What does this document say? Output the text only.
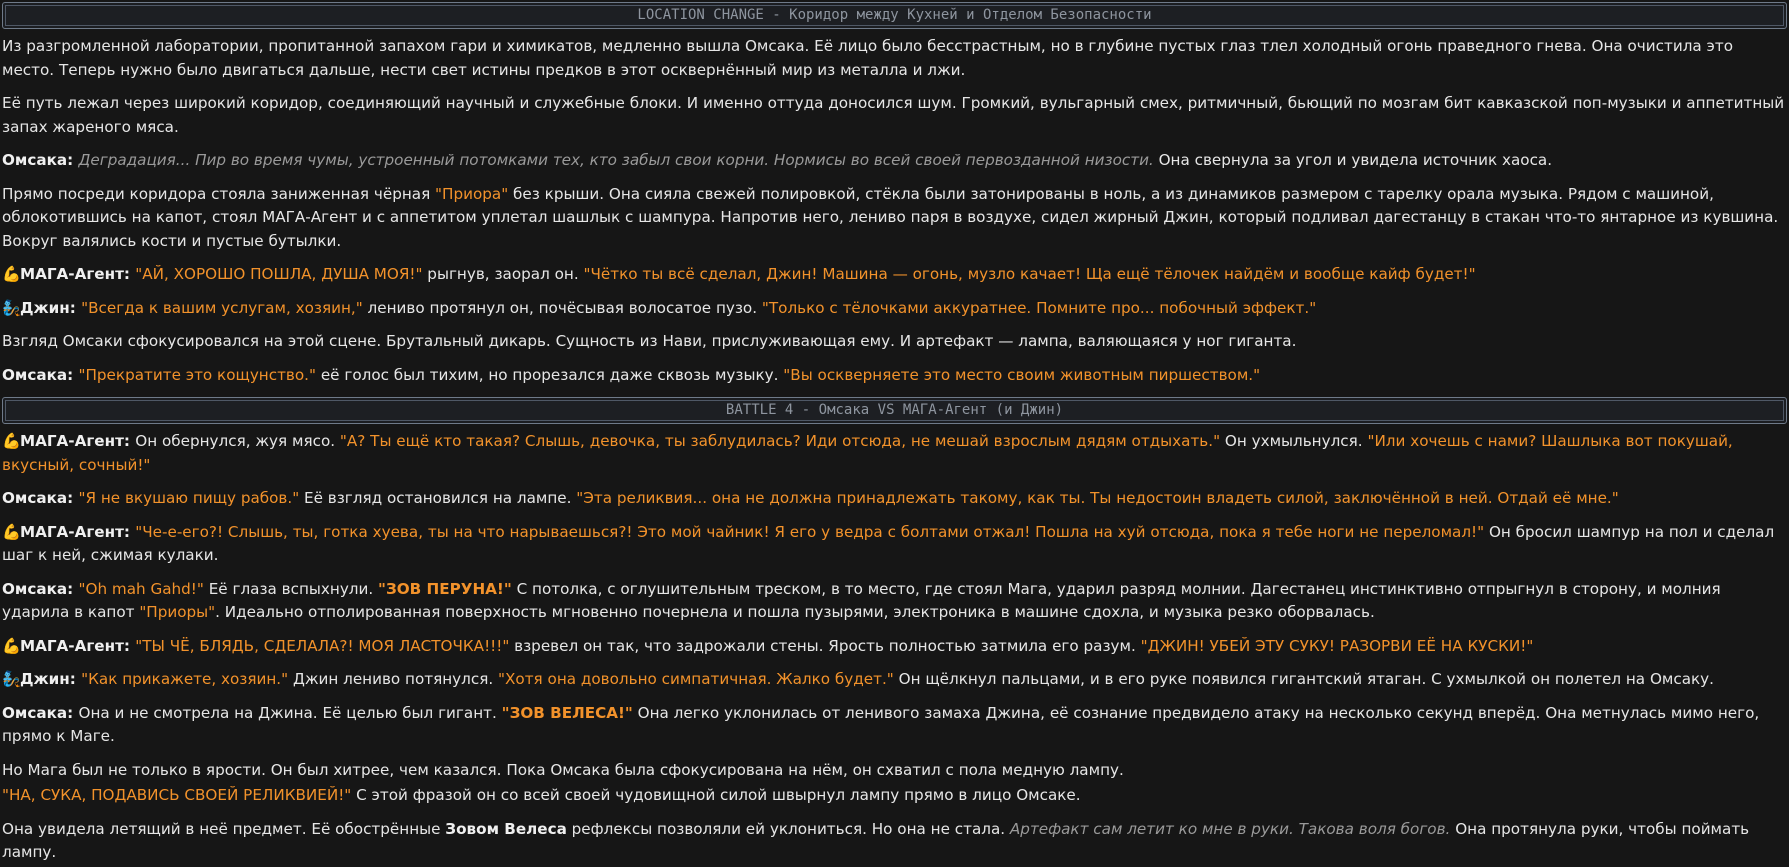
LOCATION CHANGE - Коридор между Кухней и Отделом Безопасности
Из разгромленной лаборатории, пропитанной запахом гари и химикатов, медленно вышла Омсака. Её лицо было бесстрастным, но в глубине пустых глаз тлел холодный огонь праведного гнева. Она очистила это место. Теперь нужно было двигаться дальше, нести свет истины предков в этот осквернённый мир из металла и лжи.
Её путь лежал через широкий коридор, соединяющий научный и служебные блоки. И именно оттуда доносился шум. Громкий, вульгарный смех, ритмичный, бьющий по мозгам бит кавказской поп-музыки и аппетитный запах жареного мяса.
Омсака: Деградация... Пир во время чумы, устроенный потомками тех, кто забыл свои корни. Нормисы во всей своей первозданной низости. Она свернула за угол и увидела источник хаоса.
Прямо посреди коридора стояла заниженная чёрная "Приора" без крыши. Она сияла свежей полировкой, стёкла были затонированы в ноль, а из динамиков размером с тарелку орала музыка. Рядом с машиной, облокотившись на капот, стоял МАГА-Агент и с аппетитом уплетал шашлык с шампура. Напротив него, лениво паря в воздухе, сидел жирный Джин, который подливал дагестанцу в стакан что-то янтарное из кувшина. Вокруг валялись кости и пустые бутылки.
💪МАГА-Агент: "АЙ, ХОРОШО ПОШЛА, ДУША МОЯ!" рыгнув, заорал он. "Чётко ты всё сделал, Джин! Машина — огонь, музло качает! Ща ещё тёлочек найдём и вообще кайф будет!"
🧞Джин: "Всегда к вашим услугам, хозяин," лениво протянул он, почёсывая волосатое пузо. "Только с тёлочками аккуратнее. Помните про... побочный эффект."
Взгляд Омсаки сфокусировался на этой сцене. Брутальный дикарь. Сущность из Нави, прислуживающая ему. И артефакт — лампа, валяющаяся у ног гиганта.
Омсака: "Прекратите это кощунство." её голос был тихим, но прорезался даже сквозь музыку. "Вы оскверняете это место своим животным пиршеством."
BATTLE 4 - Омсака VS МАГА-Агент (и Джин)
💪МАГА-Агент: Он обернулся, жуя мясо. "А? Ты ещё кто такая? Слышь, девочка, ты заблудилась? Иди отсюда, не мешай взрослым дядям отдыхать." Он ухмыльнулся. "Или хочешь с нами? Шашлыка вот покушай, вкусный, сочный!"
Омсака: "Я не вкушаю пищу рабов." Её взгляд остановился на лампе. "Эта реликвия... она не должна принадлежать такому, как ты. Ты недостоин владеть силой, заключённой в ней. Отдай её мне."
💪МАГА-Агент: "Че-е-его?! Слышь, ты, готка хуева, ты на что нарываешься?! Это мой чайник! Я его у ведра с болтами отжал! Пошла на хуй отсюда, пока я тебе ноги не переломал!" Он бросил шампур на пол и сделал шаг к ней, сжимая кулаки.
Омсака: "Oh mah Gahd!" Её глаза вспыхнули. "ЗОВ ПЕРУНА!" С потолка, с оглушительным треском, в то место, где стоял Мага, ударил разряд молнии. Дагестанец инстинктивно отпрыгнул в сторону, и молния ударила в капот "Приоры". Идеально отполированная поверхность мгновенно почернела и пошла пузырями, электроника в машине сдохла, и музыка резко оборвалась.
💪МАГА-Агент: "ТЫ ЧЁ, БЛЯДЬ, СДЕЛАЛА?! МОЯ ЛАСТОЧКА!!!" взревел он так, что задрожали стены. Ярость полностью затмила его разум. "ДЖИН! УБЕЙ ЭТУ СУКУ! РАЗОРВИ ЕЁ НА КУСКИ!"
🧞Джин: "Как прикажете, хозяин." Джин лениво потянулся. "Хотя она довольно симпатичная. Жалко будет." Он щёлкнул пальцами, и в его руке появился гигантский ятаган. С ухмылкой он полетел на Омсаку.
Омсака: Она и не смотрела на Джина. Её целью был гигант. "ЗОВ ВЕЛЕСА!" Она легко уклонилась от ленивого замаха Джина, её сознание предвидело атаку на несколько секунд вперёд. Она метнулась мимо него, прямо к Маге.
Но Мага был не только в ярости. Он был хитрее, чем казался. Пока Омсака была сфокусирована на нём, он схватил с пола медную лампу.
"НА, СУКА, ПОДАВИСЬ СВОЕЙ РЕЛИКВИЕЙ!" С этой фразой он со всей своей чудовищной силой швырнул лампу прямо в лицо Омсаке.
Она увидела летящий в неё предмет. Её обострённые Зовом Велеса рефлексы позволяли ей уклониться. Но она не стала. Артефакт сам летит ко мне в руки. Такова воля богов. Она протянула руки, чтобы поймать лампу.
